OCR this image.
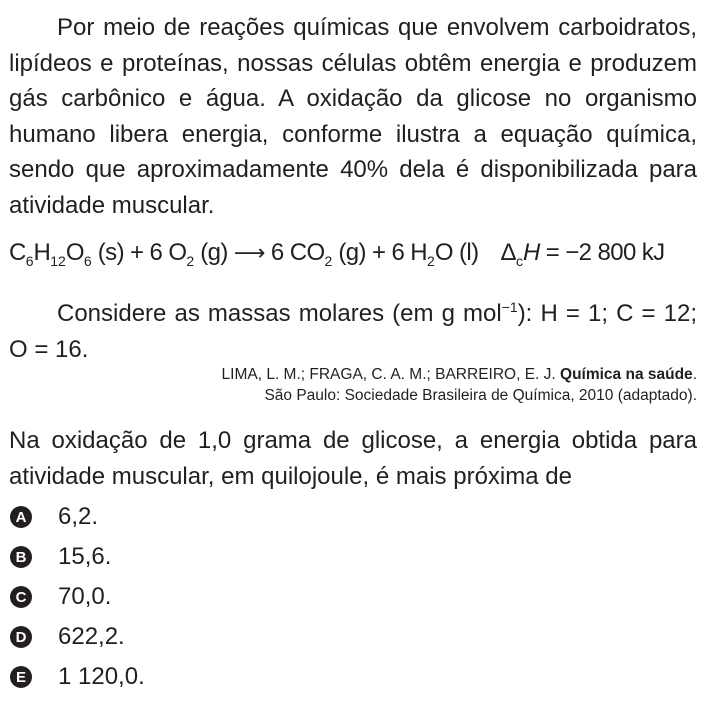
Por meio de reações químicas que envolvem carboidratos, lipídeos e proteínas, nossas células obtêm energia e produzem gás carbônico e água. A oxidação da glicose no organismo humano libera energia, conforme ilustra a equação química, sendo que aproximadamente 40% dela é disponibilizada para atividade muscular.

$C_6H_{12}O_6$ (s) + 6 $O_2$ (g) ⟶ 6 $CO_2$ (g) + 6 $H_2O$ (l) $\Delta_cH = -2$ 800 kJ

Considere as massas molares (em g mol$^{-1}$): H = 1; C = 12; O = 16.

LIMA, L. M.; FRAGA, C. A. M.; BARREIRO, E. J. Química na saúde.
São Paulo: Sociedade Brasileira de Química, 2010 (adaptado).

Na oxidação de 1,0 grama de glicose, a energia obtida para atividade muscular, em quilojoule, é mais próxima de

A 6,2.
B 15,6.
C 70,0.
D 622,2.
E 1 120,0.
